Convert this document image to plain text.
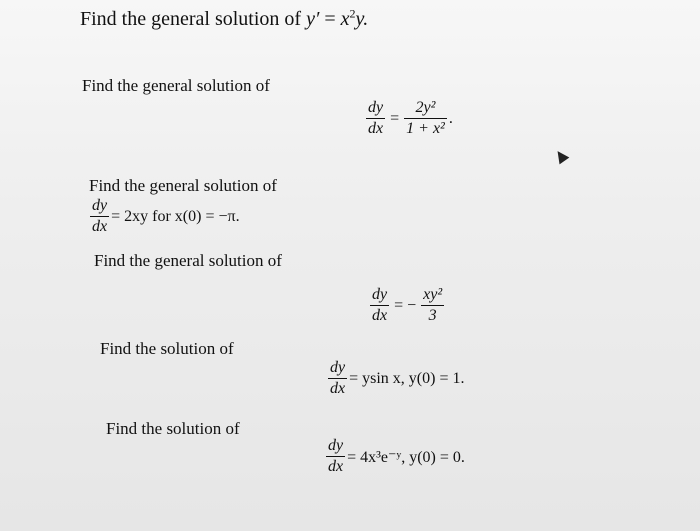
Find the general solution of $y' = x^2y$.
Find the general solution of
$\frac{dy}{dx} = \frac{\text{2y²}}{\text{1 + x²}}$ .
Find the general solution of
$\frac{dy}{dx} = 2xy$ for x(0) = −π.
Find the general solution of
$\frac{dy}{dx}$ = − $\frac{\text{xy²}}{3}$
Find the solution of
$\frac{dy}{dx} = ysin$ x, y(0) = 1.
Find the solution of
$\frac{dy}{dx}$ = 4x³e⁻ʸ, y(0) = 0.
